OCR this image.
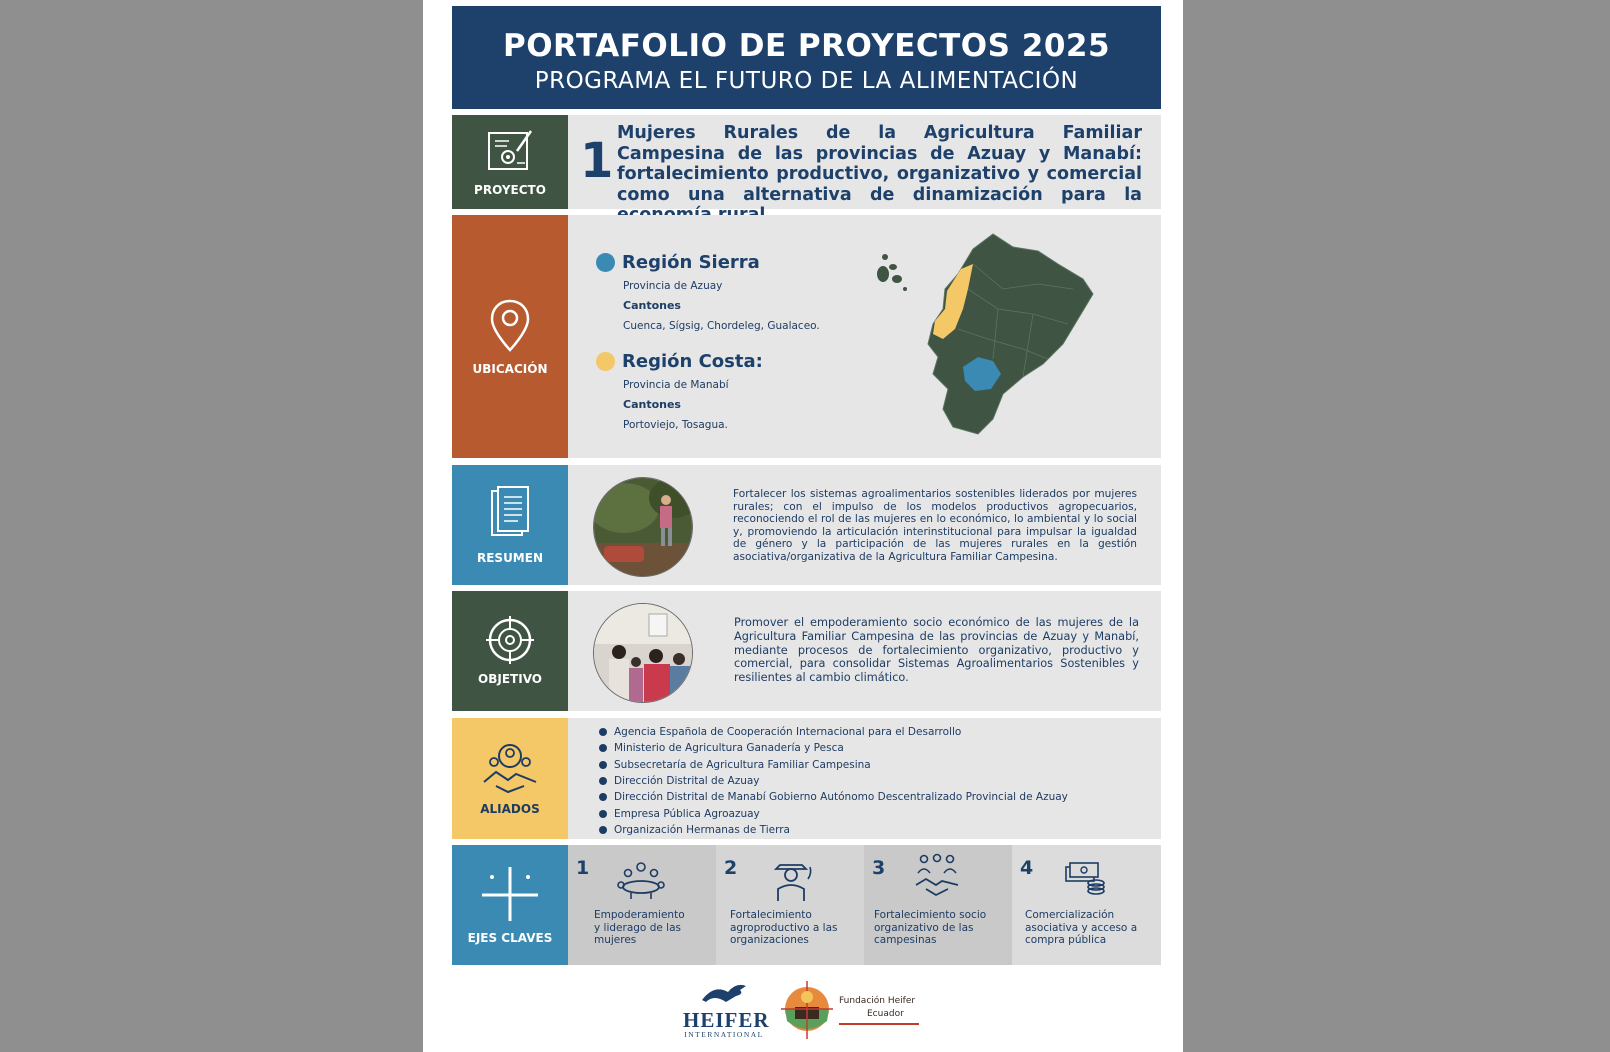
PORTAFOLIO DE PROYECTOS 2025
PROGRAMA EL FUTURO DE LA ALIMENTACIÓN
PROYECTO
1 Mujeres Rurales de la Agricultura Familiar Campesina de las provincias de Azuay y Manabí: fortalecimiento productivo, organizativo y comercial como una alternativa de dinamización para la
UBICACIÓN
Región Sierra
Provincia de Azuay
Cantones
Cuenca, Sígsig, Chordeleg, Gualaceo.
Región Costa:
Provincia de Manabí
Cantones
Portoviejo, Tosagua.
RESUMEN
Fortalecer los sistemas agroalimentarios sostenibles liderados por mujeres rurales; con el impulso de los modelos productivos agropecuarios, reconociendo el rol de las mujeres en lo económico, lo ambiental y lo social y, promoviendo la articulación interinstitucional para impulsar la igualdad de género y la participación de las mujeres rurales en la gestión asociativa/organizativa de la Agricultura Familiar Campesina.
OBJETIVO
Promover el empoderamiento socio económico de las mujeres de la Agricultura Familiar Campesina de las provincias de Azuay y Manabí, mediante procesos de fortalecimiento organizativo, productivo y comercial, para consolidar Sistemas Agroalimentarios Sostenibles y resilientes al cambio climático.
ALIADOS
Agencia Española de Cooperación Internacional para el Desarrollo
Ministerio de Agricultura Ganadería y Pesca
Subsecretaría de Agricultura Familiar Campesina
Dirección Distrital de Azuay
Dirección Distrital de Manabí Gobierno Autónomo Descentralizado Provincial de Azuay
Empresa Pública Agroazuay
Organización Hermanas de Tierra
EJES CLAVES
1
Empoderamiento y liderago de las mujeres
2
Fortalecimiento agroproductivo a las organizaciones
3
Fortalecimiento socio organizativo de las campesinas
4
Comercialización asociativa y acceso a compra pública
HEIFER
INTERNATIONAL
Fundación Heifer
Ecuador
